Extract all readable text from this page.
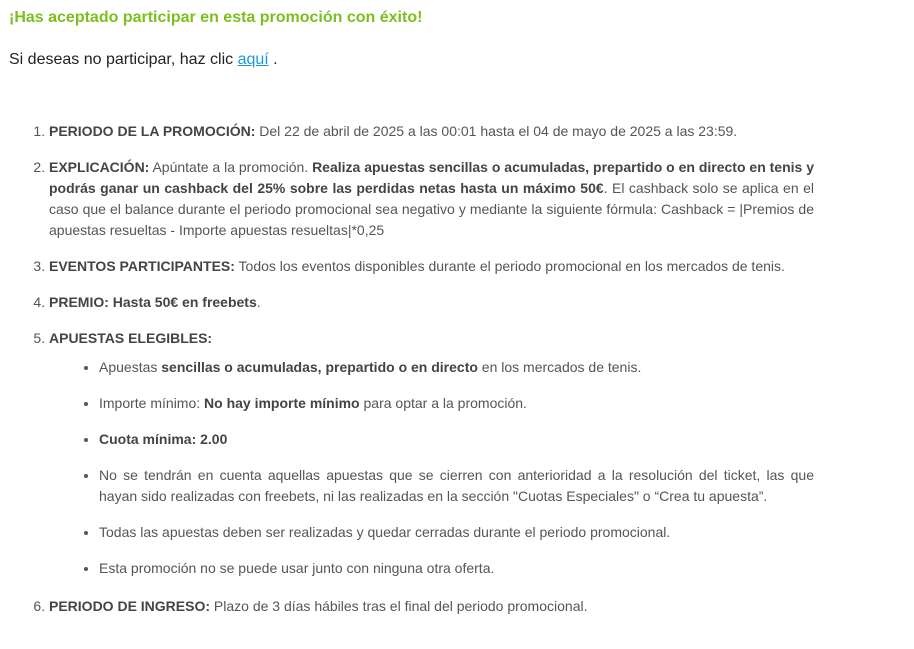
¡Has aceptado participar en esta promoción con éxito!

Si deseas no participar, haz clic aquí .

1. PERIODO DE LA PROMOCIÓN: Del 22 de abril de 2025 a las 00:01 hasta el 04 de mayo de 2025 a las 23:59.
2. EXPLICACIÓN: Apúntate a la promoción. Realiza apuestas sencillas o acumuladas, prepartido o en directo en tenis y podrás ganar un cashback del 25% sobre las perdidas netas hasta un máximo 50€. El cashback solo se aplica en el caso que el balance durante el periodo promocional sea negativo y mediante la siguiente fórmula: Cashback = |Premios de apuestas resueltas - Importe apuestas resueltas|*0,25
3. EVENTOS PARTICIPANTES: Todos los eventos disponibles durante el periodo promocional en los mercados de tenis.
4. PREMIO: Hasta 50€ en freebets.
5. APUESTAS ELEGIBLES:
• Apuestas sencillas o acumuladas, prepartido o en directo en los mercados de tenis.
• Importe mínimo: No hay importe mínimo para optar a la promoción.
• Cuota mínima: 2.00
• No se tendrán en cuenta aquellas apuestas que se cierren con anterioridad a la resolución del ticket, las que hayan sido realizadas con freebets, ni las realizadas en la sección "Cuotas Especiales" o “Crea tu apuesta”.
• Todas las apuestas deben ser realizadas y quedar cerradas durante el periodo promocional.
• Esta promoción no se puede usar junto con ninguna otra oferta.
6. PERIODO DE INGRESO: Plazo de 3 días hábiles tras el final del periodo promocional.
